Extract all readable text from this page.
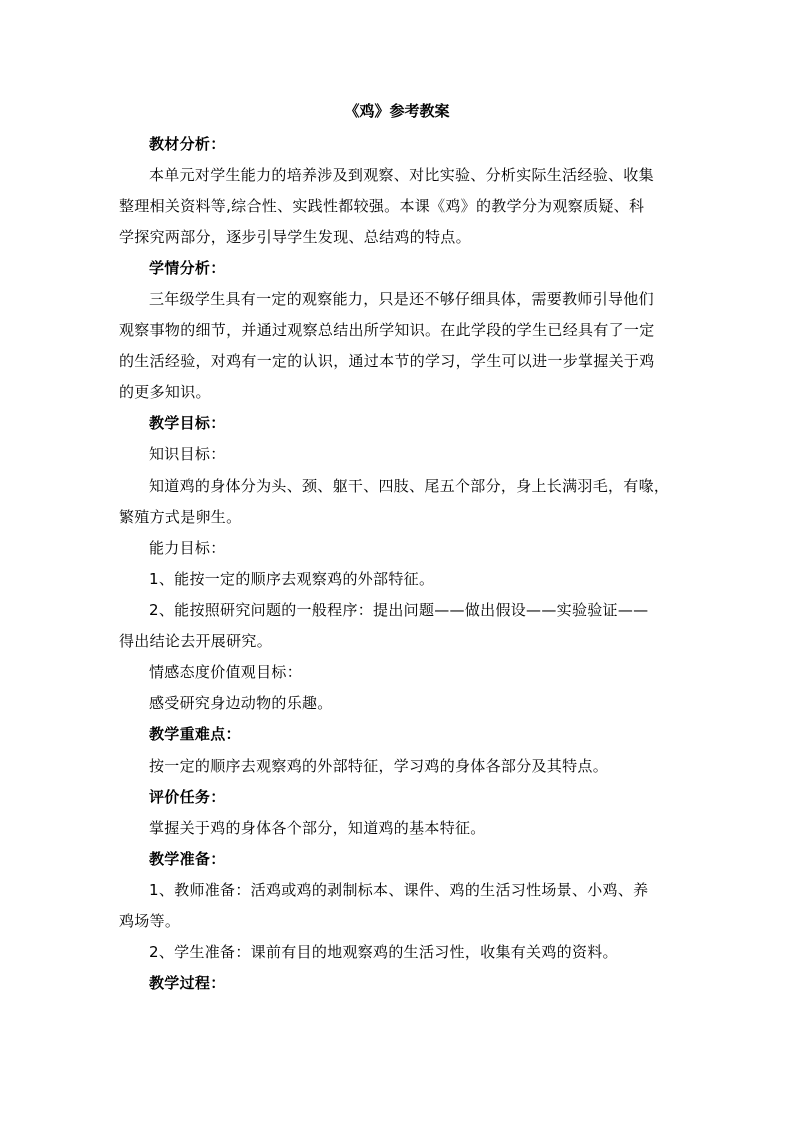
《鸡》参考教案
教材分析：
本单元对学生能力的培养涉及到观察、对比实验、分析实际生活经验、收集
整理相关资料等,综合性、实践性都较强。本课《鸡》的教学分为观察质疑、科
学探究两部分，逐步引导学生发现、总结鸡的特点。
学情分析：
三年级学生具有一定的观察能力，只是还不够仔细具体，需要教师引导他们
观察事物的细节，并通过观察总结出所学知识。在此学段的学生已经具有了一定
的生活经验，对鸡有一定的认识，通过本节的学习，学生可以进一步掌握关于鸡
的更多知识。
教学目标：
知识目标：
知道鸡的身体分为头、颈、躯干、四肢、尾五个部分，身上长满羽毛，有喙，
繁殖方式是卵生。
能力目标：
1、能按一定的顺序去观察鸡的外部特征。
2、能按照研究问题的一般程序：提出问题——做出假设——实验验证——
得出结论去开展研究。
情感态度价值观目标：
感受研究身边动物的乐趣。
教学重难点：
按一定的顺序去观察鸡的外部特征，学习鸡的身体各部分及其特点。
评价任务：
掌握关于鸡的身体各个部分，知道鸡的基本特征。
教学准备：
1、教师准备：活鸡或鸡的剥制标本、课件、鸡的生活习性场景、小鸡、养
鸡场等。
2、学生准备：课前有目的地观察鸡的生活习性，收集有关鸡的资料。
教学过程：
